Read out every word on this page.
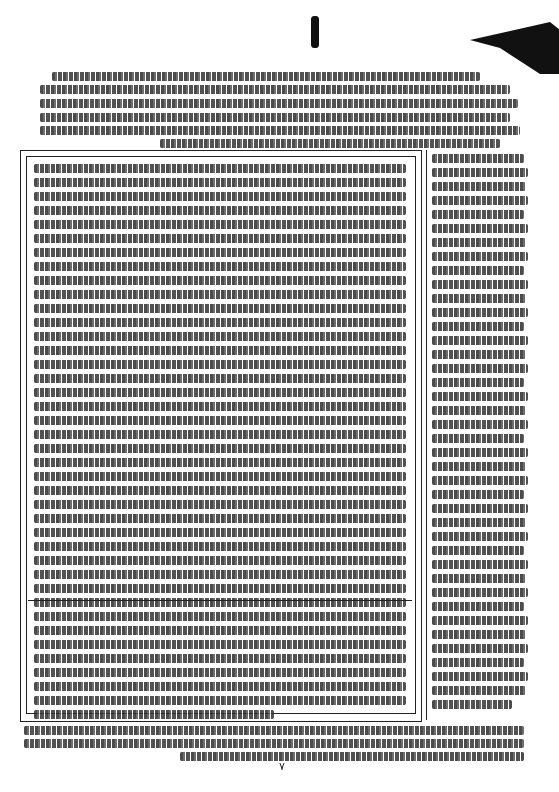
٧
